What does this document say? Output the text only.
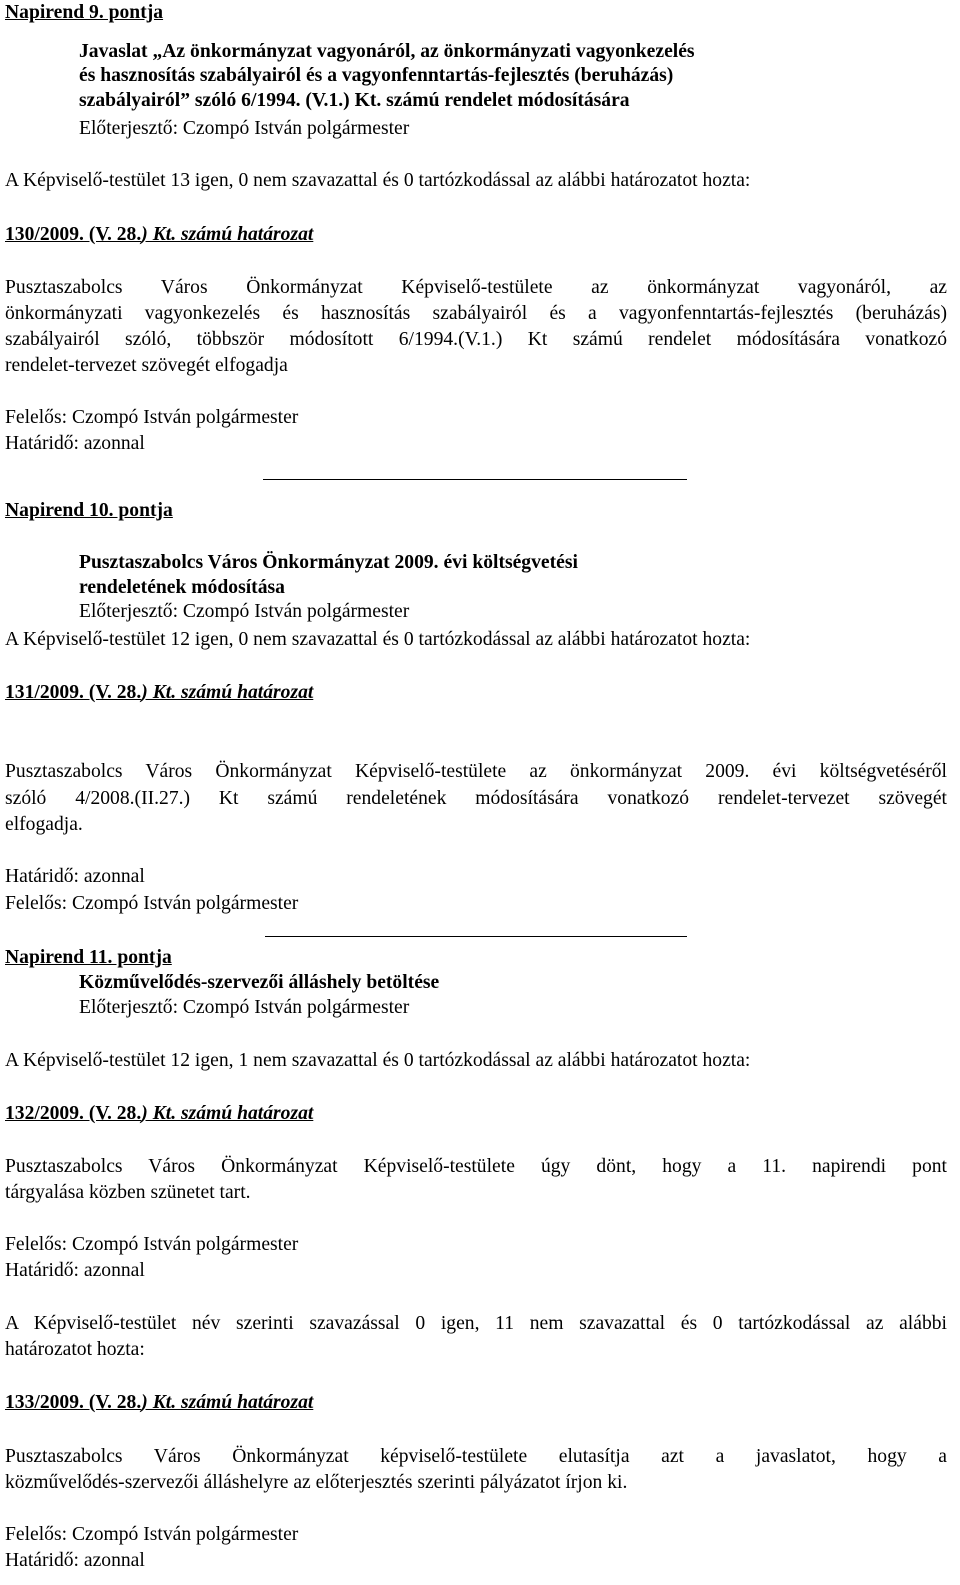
Napirend 9. pontja
Javaslat „Az önkormányzat vagyonáról, az önkormányzati vagyonkezelés
és hasznosítás szabályairól és a vagyonfenntartás-fejlesztés (beruházás)
szabályairól” szóló 6/1994. (V.1.) Kt. számú rendelet módosítására
Előterjesztő: Czompó István polgármester
A Képviselő-testület 13 igen, 0 nem szavazattal és 0 tartózkodással az alábbi határozatot hozta:
130/2009. (V. 28.) Kt. számú határozat
Pusztaszabolcs Város Önkormányzat Képviselő-testülete az önkormányzat vagyonáról, az
önkormányzati vagyonkezelés és hasznosítás szabályairól és a vagyonfenntartás-fejlesztés (beruházás)
szabályairól szóló, többször módosított 6/1994.(V.1.) Kt számú rendelet módosítására vonatkozó
rendelet-tervezet szövegét elfogadja
Felelős: Czompó István polgármester
Határidő: azonnal
Napirend 10. pontja
Pusztaszabolcs Város Önkormányzat 2009. évi költségvetési
rendeletének módosítása
Előterjesztő: Czompó István polgármester
A Képviselő-testület 12 igen, 0 nem szavazattal és 0 tartózkodással az alábbi határozatot hozta:
131/2009. (V. 28.) Kt. számú határozat
Pusztaszabolcs Város Önkormányzat Képviselő-testülete az önkormányzat 2009. évi költségvetéséről
szóló 4/2008.(II.27.) Kt számú rendeletének módosítására vonatkozó rendelet-tervezet szövegét
elfogadja.
Határidő: azonnal
Felelős: Czompó István polgármester
Napirend 11. pontja
Közművelődés-szervezői álláshely betöltése
Előterjesztő: Czompó István polgármester
A Képviselő-testület 12 igen, 1 nem szavazattal és 0 tartózkodással az alábbi határozatot hozta:
132/2009. (V. 28.) Kt. számú határozat
Pusztaszabolcs Város Önkormányzat Képviselő-testülete úgy dönt, hogy a 11. napirendi pont
tárgyalása közben szünetet tart.
Felelős: Czompó István polgármester
Határidő: azonnal
A Képviselő-testület név szerinti szavazással 0 igen, 11 nem szavazattal és 0 tartózkodással az alábbi
határozatot hozta:
133/2009. (V. 28.) Kt. számú határozat
Pusztaszabolcs Város Önkormányzat képviselő-testülete elutasítja azt a javaslatot, hogy a
közművelődés-szervezői álláshelyre az előterjesztés szerinti pályázatot írjon ki.
Felelős: Czompó István polgármester
Határidő: azonnal
